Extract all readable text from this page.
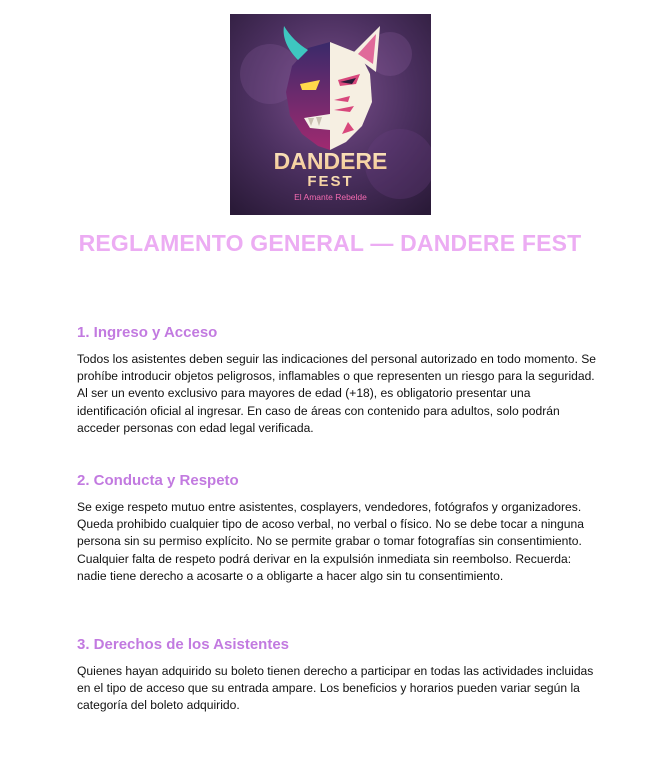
DANDERE
FEST
El Amante Rebelde
REGLAMENTO GENERAL — DANDERE FEST
1. Ingreso y Acceso

Todos los asistentes deben seguir las indicaciones del personal autorizado en todo momento. Se prohíbe introducir objetos peligrosos, inflamables o que representen un riesgo para la seguridad. Al ser un evento exclusivo para mayores de edad (+18), es obligatorio presentar una identificación oficial al ingresar. En caso de áreas con contenido para adultos, solo podrán acceder personas con edad legal verificada.

2. Conducta y Respeto

Se exige respeto mutuo entre asistentes, cosplayers, vendedores, fotógrafos y organizadores. Queda prohibido cualquier tipo de acoso verbal, no verbal o físico. No se debe tocar a ninguna persona sin su permiso explícito. No se permite grabar o tomar fotografías sin consentimiento. Cualquier falta de respeto podrá derivar en la expulsión inmediata sin reembolso. Recuerda: nadie tiene derecho a acosarte o a obligarte a hacer algo sin tu consentimiento.

3. Derechos de los Asistentes

Quienes hayan adquirido su boleto tienen derecho a participar en todas las actividades incluidas en el tipo de acceso que su entrada ampare. Los beneficios y horarios pueden variar según la categoría del boleto adquirido.
